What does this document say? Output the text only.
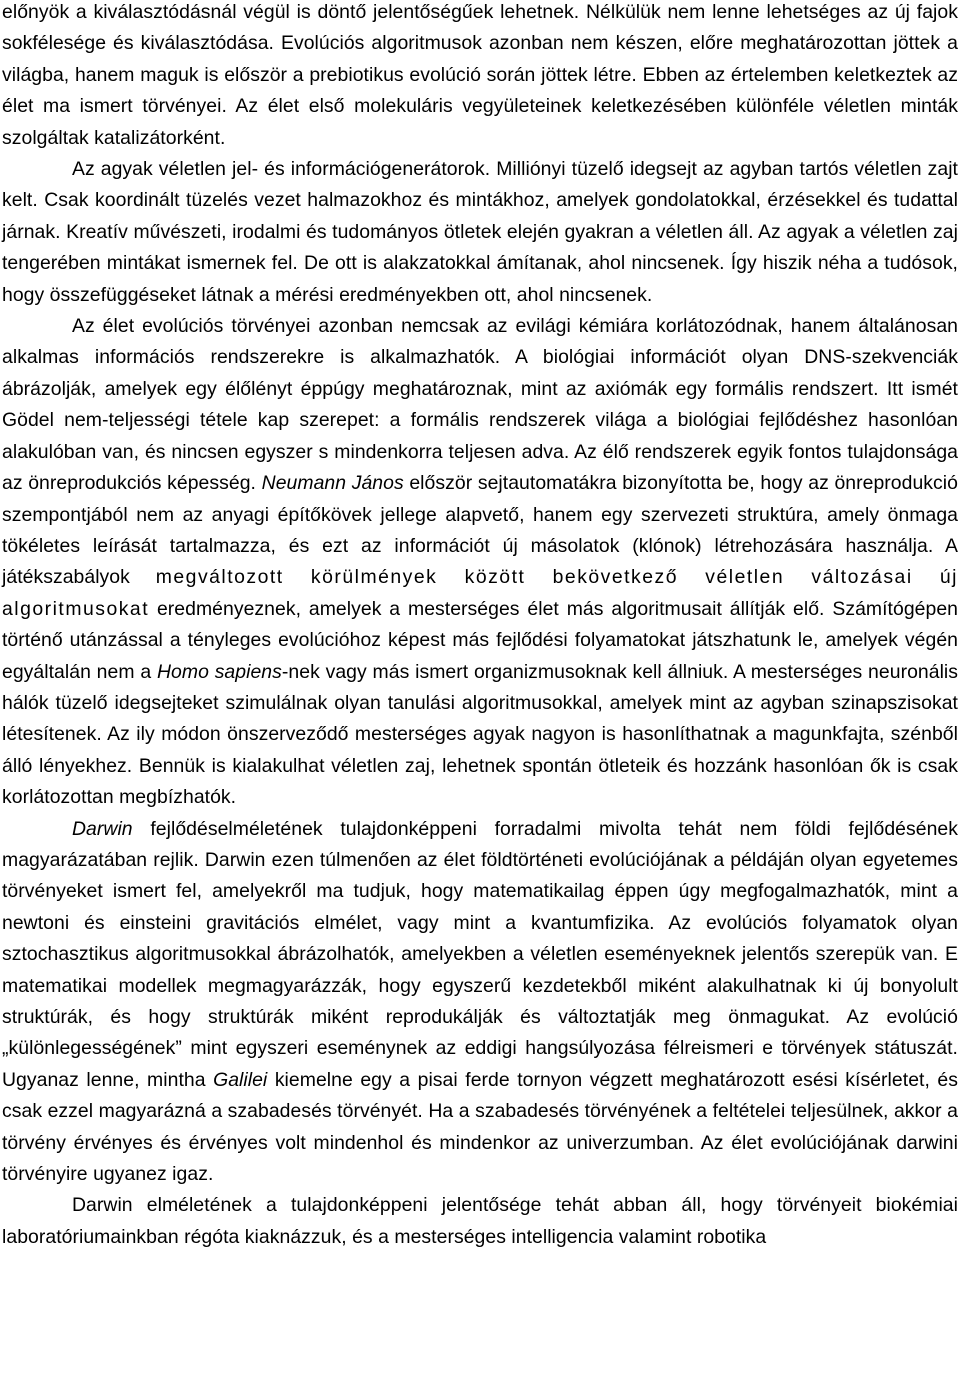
előnyök a kiválasztódásnál végül is döntő jelentőségűek lehetnek. Nélkülük nem lenne lehetséges az új fajok sokfélesége és kiválasztódása. Evolúciós algoritmusok azonban nem készen, előre meghatározottan jöttek a világba, hanem maguk is először a prebiotikus evolúció során jöttek létre. Ebben az értelemben keletkeztek az élet ma ismert törvényei. Az élet első molekuláris vegyületeinek keletkezésében különféle véletlen minták szolgáltak katalizátorként.
Az agyak véletlen jel- és információgenerátorok. Milliónyi tüzelő idegsejt az agyban tartós véletlen zajt kelt. Csak koordinált tüzelés vezet halmazokhoz és mintákhoz, amelyek gondolatokkal, érzésekkel és tudattal járnak. Kreatív művészeti, irodalmi és tudományos ötletek elején gyakran a véletlen áll. Az agyak a véletlen zaj tengerében mintákat ismernek fel. De ott is alakzatokkal ámítanak, ahol nincsenek. Így hiszik néha a tudósok, hogy összefüggéseket látnak a mérési eredményekben ott, ahol nincsenek.

Az élet evolúciós törvényei azonban nemcsak az evilági kémiára korlátozódnak, hanem általánosan alkalmas információs rendszerekre is alkalmazhatók. A biológiai információt olyan DNS-szekvenciák ábrázolják, amelyek egy élőlényt éppúgy meghatároznak, mint az axiómák egy formális rendszert. Itt ismét Gödel nem-teljességi tétele kap szerepet: a formális rendszerek világa a biológiai fejlődéshez hasonlóan alakulóban van, és nincsen egyszer s mindenkorra teljesen adva. Az élő rendszerek egyik fontos tulajdonsága az önreprodukciós képesség. Neumann János először sejtautomatákra bizonyította be, hogy az önreprodukció szempontjából nem az anyagi építőkövek jellege alapvető, hanem egy szervezeti struktúra, amely önmaga tökéletes leírását tartalmazza, és ezt az információt új másolatok (klónok) létrehozására használja. A játékszabályok megváltozott körülmények között bekövetkező véletlen változásai új algoritmusokat eredményeznek, amelyek a mesterséges élet más algoritmusait állítják elő. Számítógépen történő utánzással a tényleges evolúcióhoz képest más fejlődési folyamatokat játszhatunk le, amelyek végén egyáltalán nem a Homo sapiens-nek vagy más ismert organizmusoknak kell állniuk. A mesterséges neuronális hálók tüzelő idegsejteket szimulálnak olyan tanulási algoritmusokkal, amelyek mint az agyban szinapszisokat létesítenek. Az ily módon önszerveződő mesterséges agyak nagyon is hasonlíthatnak a magunkfajta, szénből álló lényekhez. Bennük is kialakulhat véletlen zaj, lehetnek spontán ötleteik és hozzánk hasonlóan ők is csak korlátozottan megbízhatók.

Darwin fejlődéselméletének tulajdonképpeni forradalmi mivolta tehát nem földi fejlődésének magyarázatában rejlik. Darwin ezen túlmenően az élet földtörténeti evolúciójának a példáján olyan egyetemes törvényeket ismert fel, amelyekről ma tudjuk, hogy matematikailag éppen úgy megfogalmazhatók, mint a newtoni és einsteini gravitációs elmélet, vagy mint a kvantumfizika. Az evolúciós folyamatok olyan sztochasztikus algoritmusokkal ábrázolhatók, amelyekben a véletlen eseményeknek jelentős szerepük van. E matematikai modellek megmagyarázzák, hogy egyszerű kezdetekből miként alakulhatnak ki új bonyolult struktúrák, és hogy struktúrák miként reprodukálják és változtatják meg önmagukat. Az evolúció „különlegességének” mint egyszeri eseménynek az eddigi hangsúlyozása félreismeri e törvények státuszát. Ugyanaz lenne, mintha Galilei kiemelne egy a pisai ferde tornyon végzett meghatározott esési kísérletet, és csak ezzel magyarázná a szabadesés törvényét. Ha a szabadesés törvényének a feltételei teljesülnek, akkor a törvény érvényes és érvényes volt mindenhol és mindenkor az univerzumban. Az élet evolúciójának darwini törvényire ugyanez igaz.

Darwin elméletének a tulajdonképpeni jelentősége tehát abban áll, hogy törvényeit biokémiai laboratóriumainkban régóta kiaknázzuk, és a mesterséges intelligencia valamint robotika
